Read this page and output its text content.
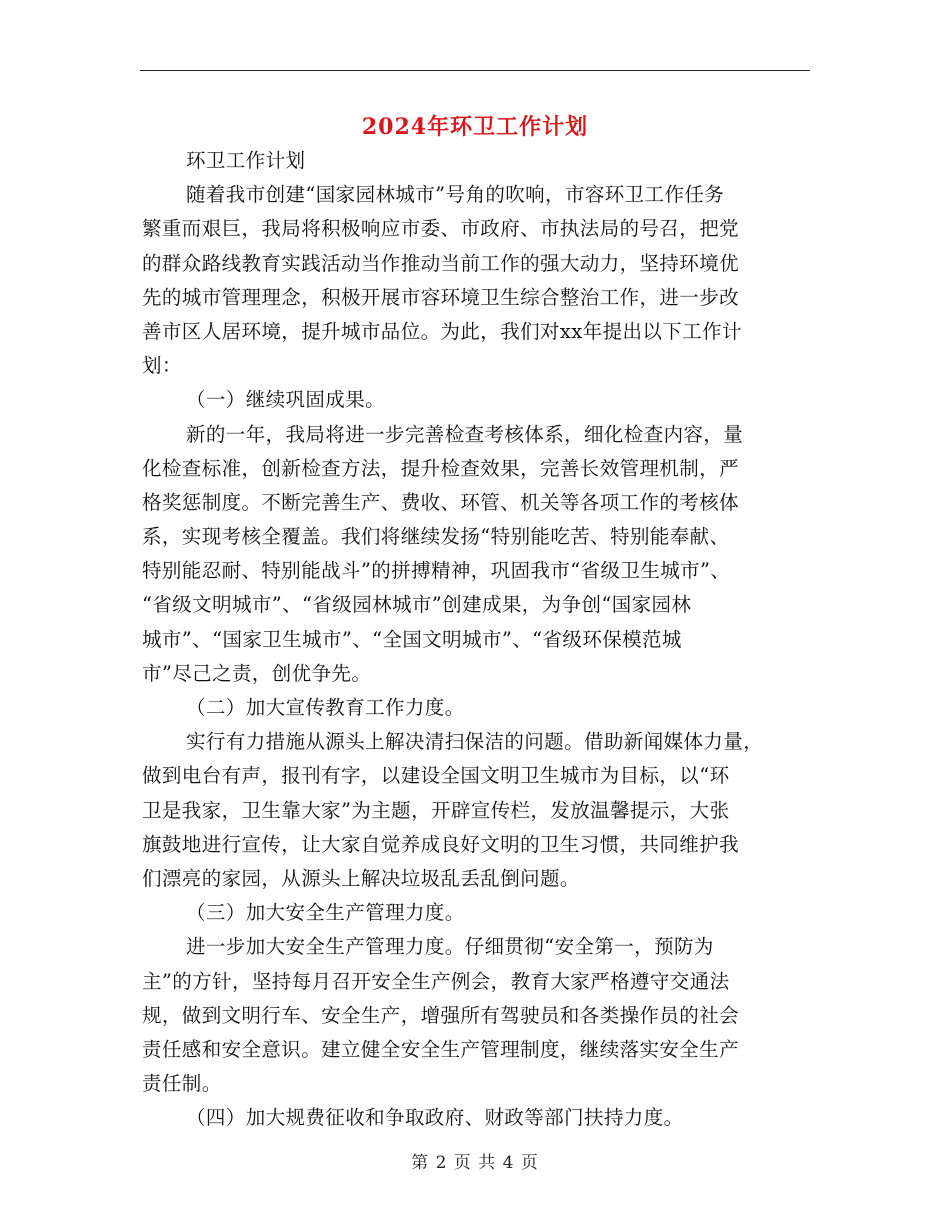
2024年环卫工作计划
环卫工作计划
随着我市创建“国家园林城市”号角的吹响，市容环卫工作任务
繁重而艰巨，我局将积极响应市委、市政府、市执法局的号召，把党
的群众路线教育实践活动当作推动当前工作的强大动力，坚持环境优
先的城市管理理念，积极开展市容环境卫生综合整治工作，进一步改
善市区人居环境，提升城市品位。为此，我们对xx年提出以下工作计
划：
（一）继续巩固成果。
新的一年，我局将进一步完善检查考核体系，细化检查内容，量
化检查标准，创新检查方法，提升检查效果，完善长效管理机制，严
格奖惩制度。不断完善生产、费收、环管、机关等各项工作的考核体
系，实现考核全覆盖。我们将继续发扬“特别能吃苦、特别能奉献、
特别能忍耐、特别能战斗”的拼搏精神，巩固我市“省级卫生城市”、
“省级文明城市”、“省级园林城市”创建成果，为争创“国家园林
城市”、“国家卫生城市”、“全国文明城市”、“省级环保模范城
市”尽己之责，创优争先。
（二）加大宣传教育工作力度。
实行有力措施从源头上解决清扫保洁的问题。借助新闻媒体力量，
做到电台有声，报刊有字，以建设全国文明卫生城市为目标，以“环
卫是我家，卫生靠大家”为主题，开辟宣传栏，发放温馨提示，大张
旗鼓地进行宣传，让大家自觉养成良好文明的卫生习惯，共同维护我
们漂亮的家园，从源头上解决垃圾乱丢乱倒问题。
（三）加大安全生产管理力度。
进一步加大安全生产管理力度。仔细贯彻“安全第一，预防为
主”的方针，坚持每月召开安全生产例会，教育大家严格遵守交通法
规，做到文明行车、安全生产，增强所有驾驶员和各类操作员的社会
责任感和安全意识。建立健全安全生产管理制度，继续落实安全生产
责任制。
（四）加大规费征收和争取政府、财政等部门扶持力度。
第 2 页 共 4 页
